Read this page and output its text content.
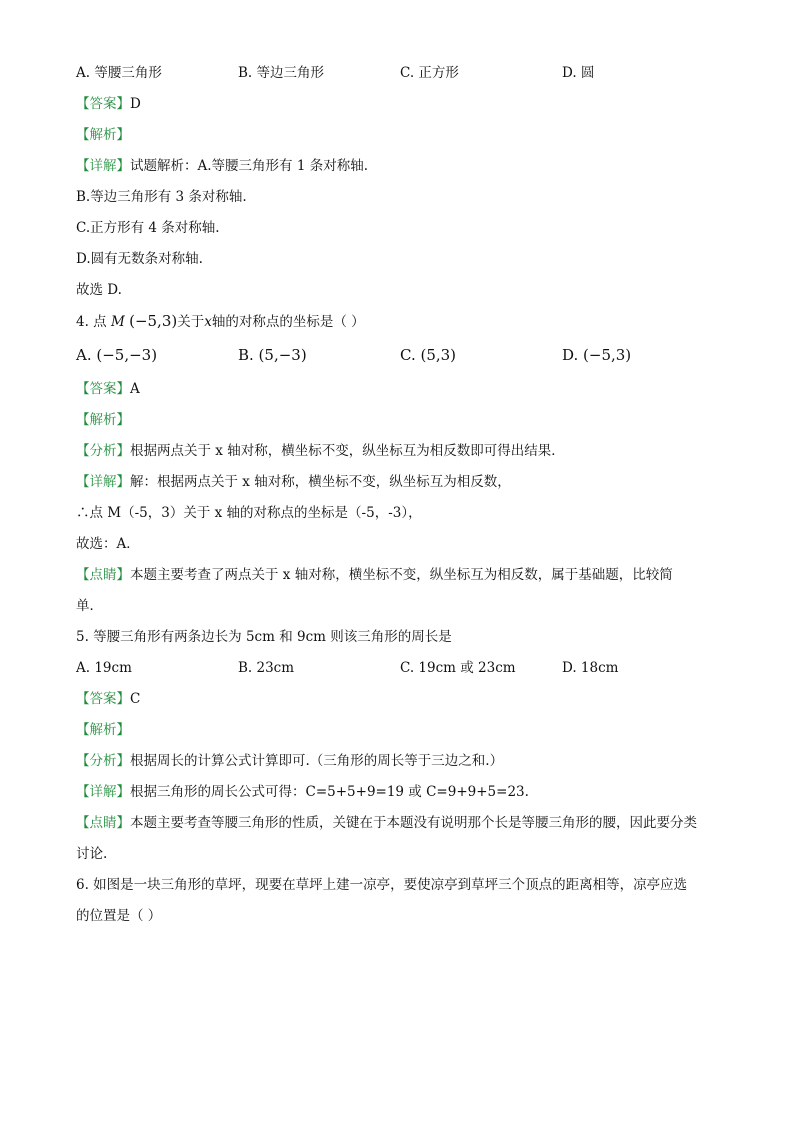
A. 等腰三角形	B. 等边三角形	C. 正方形	D. 圆
【答案】D
【解析】
【详解】试题解析：A.等腰三角形有 1 条对称轴.
B.等边三角形有 3 条对称轴.
C.正方形有 4 条对称轴.
D.圆有无数条对称轴.
故选 D.
4. 点 M (−5,3)关于x轴的对称点的坐标是（ ）
A. (−5,−3)	B. (5,−3)	C. (5,3)	D. (−5,3)
【答案】A
【解析】
【分析】根据两点关于 x 轴对称，横坐标不变，纵坐标互为相反数即可得出结果．
【详解】解：根据两点关于 x 轴对称，横坐标不变，纵坐标互为相反数，
∴点 M（-5，3）关于 x 轴的对称点的坐标是（-5，-3），
故选：A．
【点睛】本题主要考查了两点关于 x 轴对称，横坐标不变，纵坐标互为相反数，属于基础题，比较简
单．
5. 等腰三角形有两条边长为 5cm 和 9cm 则该三角形的周长是
A. 19cm	B. 23cm	C. 19cm 或 23cm	D. 18cm
【答案】C
【解析】
【分析】根据周长的计算公式计算即可.（三角形的周长等于三边之和.）
【详解】根据三角形的周长公式可得：C=5+5+9=19 或 C=9+9+5=23.
【点睛】本题主要考查等腰三角形的性质，关键在于本题没有说明那个长是等腰三角形的腰，因此要分类
讨论.
6. 如图是一块三角形的草坪，现要在草坪上建一凉亭，要使凉亭到草坪三个顶点的距离相等，凉亭应选
的位置是（ ）
